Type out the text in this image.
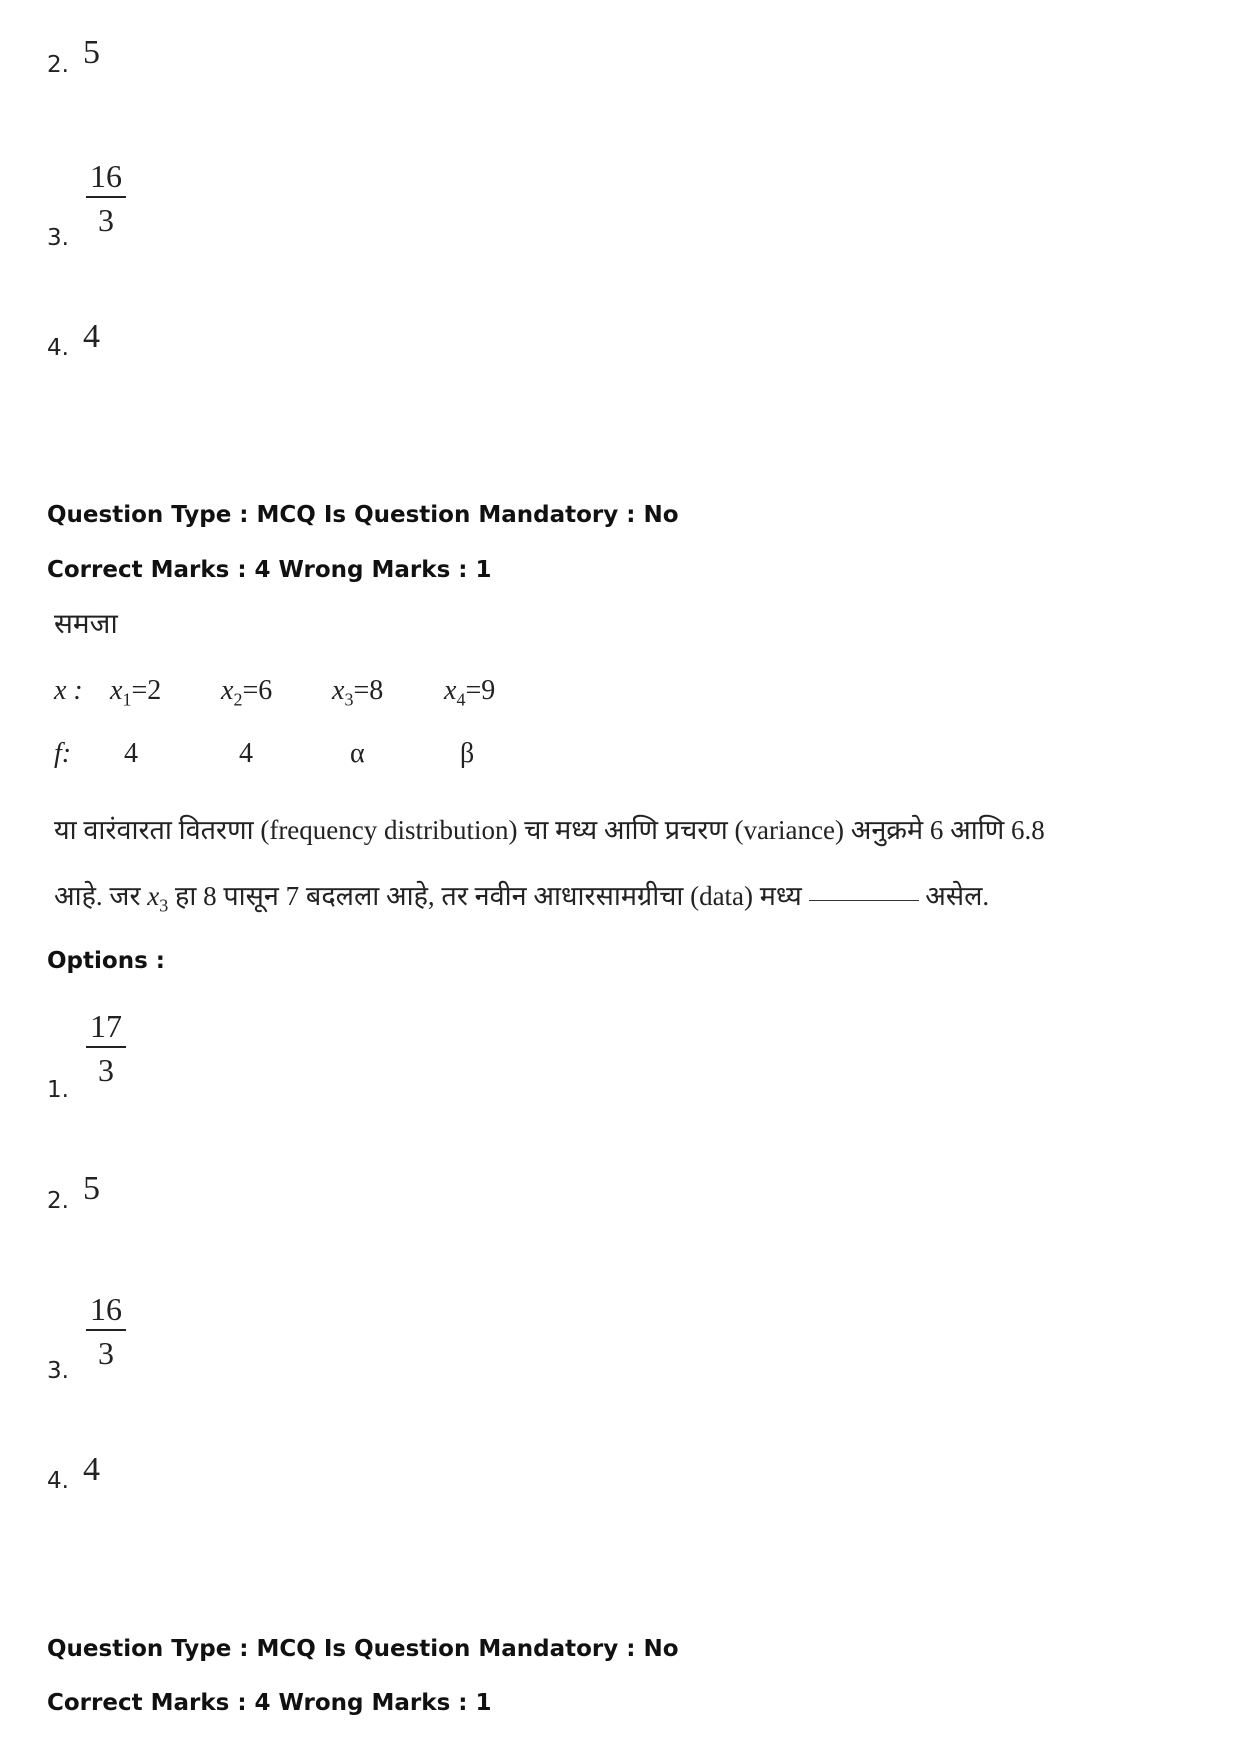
2. 5
3.
$\frac{16}{3}$
4. 4
Question Type : MCQ Is Question Mandatory : No
Correct Marks : 4 Wrong Marks : 1
समजा
x : $x_1=2$ $x_2=6$ $x_3=8$ $x_4=9$
f: 4	4	α	β
या वारंवारता वितरणा (frequency distribution) चा मध्य आणि प्रचरण (variance) अनुक्रमे 6 आणि 6.8
आहे. जर $x_3$ हा 8 पासून 7 बदलला आहे, तर नवीन आधारसामग्रीचा (data) मध्य	असेल.
Options :
1.
$\frac{17}{3}$
2. 5
3.
$\frac{16}{3}$
4. 4
Question Type : MCQ Is Question Mandatory : No
Correct Marks : 4 Wrong Marks : 1
